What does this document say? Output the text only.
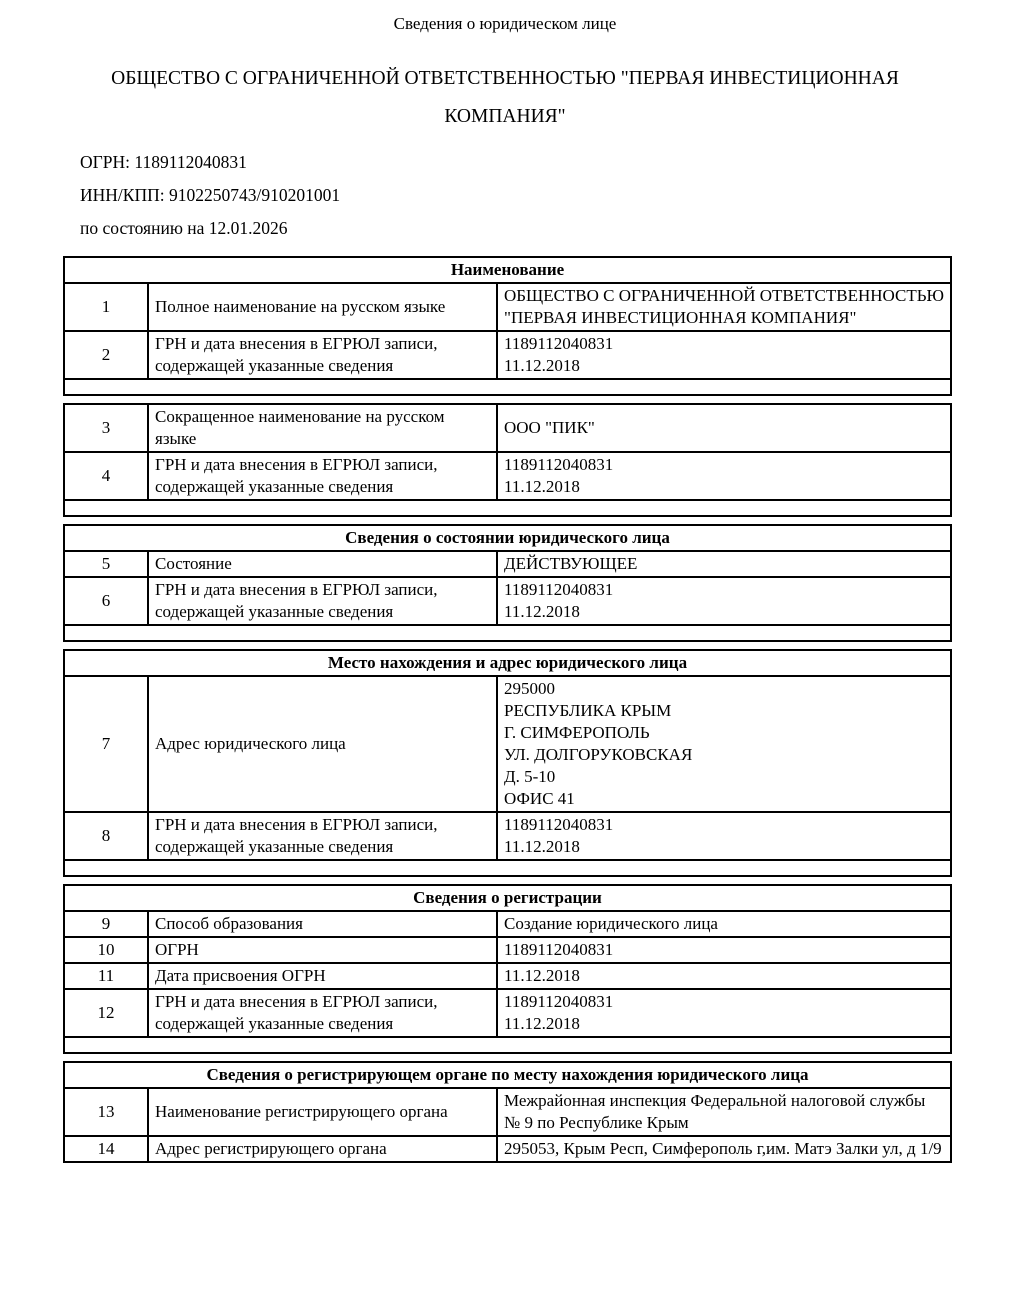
Сведения о юридическом лице
ОБЩЕСТВО С ОГРАНИЧЕННОЙ ОТВЕТСТВЕННОСТЬЮ "ПЕРВАЯ ИНВЕСТИЦИОННАЯ КОМПАНИЯ"
ОГРН: 1189112040831
ИНН/КПП: 9102250743/910201001
по состоянию на 12.01.2026
Наименование		
1	Полное наименование на русском языке	ОБЩЕСТВО С ОГРАНИЧЕННОЙ ОТВЕТСТВЕННОСТЬЮ "ПЕРВАЯ ИНВЕСТИЦИОННАЯ КОМПАНИЯ"

2	ГРН и дата внесения в ЕГРЮЛ записи, содержащей указанные сведения	1189112040831
11.12.2018

3	Сокращенное наименование на русском языке	ООО "ПИК"

4	ГРН и дата внесения в ЕГРЮЛ записи, содержащей указанные сведения	1189112040831
11.12.2018

Сведения о состоянии юридического лица		
5	Состояние	ДЕЙСТВУЮЩЕЕ

6	ГРН и дата внесения в ЕГРЮЛ записи, содержащей указанные сведения	1189112040831
11.12.2018

Место нахождения и адрес юридического лица		
7	Адрес юридического лица	
295000
РЕСПУБЛИКА КРЫМ
Г. СИМФЕРОПОЛЬ
УЛ. ДОЛГОРУКОВСКАЯ
Д. 5-10
ОФИС 41

8	ГРН и дата внесения в ЕГРЮЛ записи, содержащей указанные сведения	1189112040831
11.12.2018

Сведения о регистрации		
9	Способ образования	Создание юридического лица

10	ОГРН	1189112040831

11	Дата присвоения ОГРН	11.12.2018

12	ГРН и дата внесения в ЕГРЮЛ записи, содержащей указанные сведения	1189112040831
11.12.2018

Сведения о регистрирующем органе по месту нахождения юридического лица		
13	Наименование регистрирующего органа	Межрайонная инспекция Федеральной налоговой службы № 9 по Республике Крым

14	Адрес регистрирующего органа	295053, Крым Респ, Симферополь г,им. Матэ Залки ул, д 1/9
